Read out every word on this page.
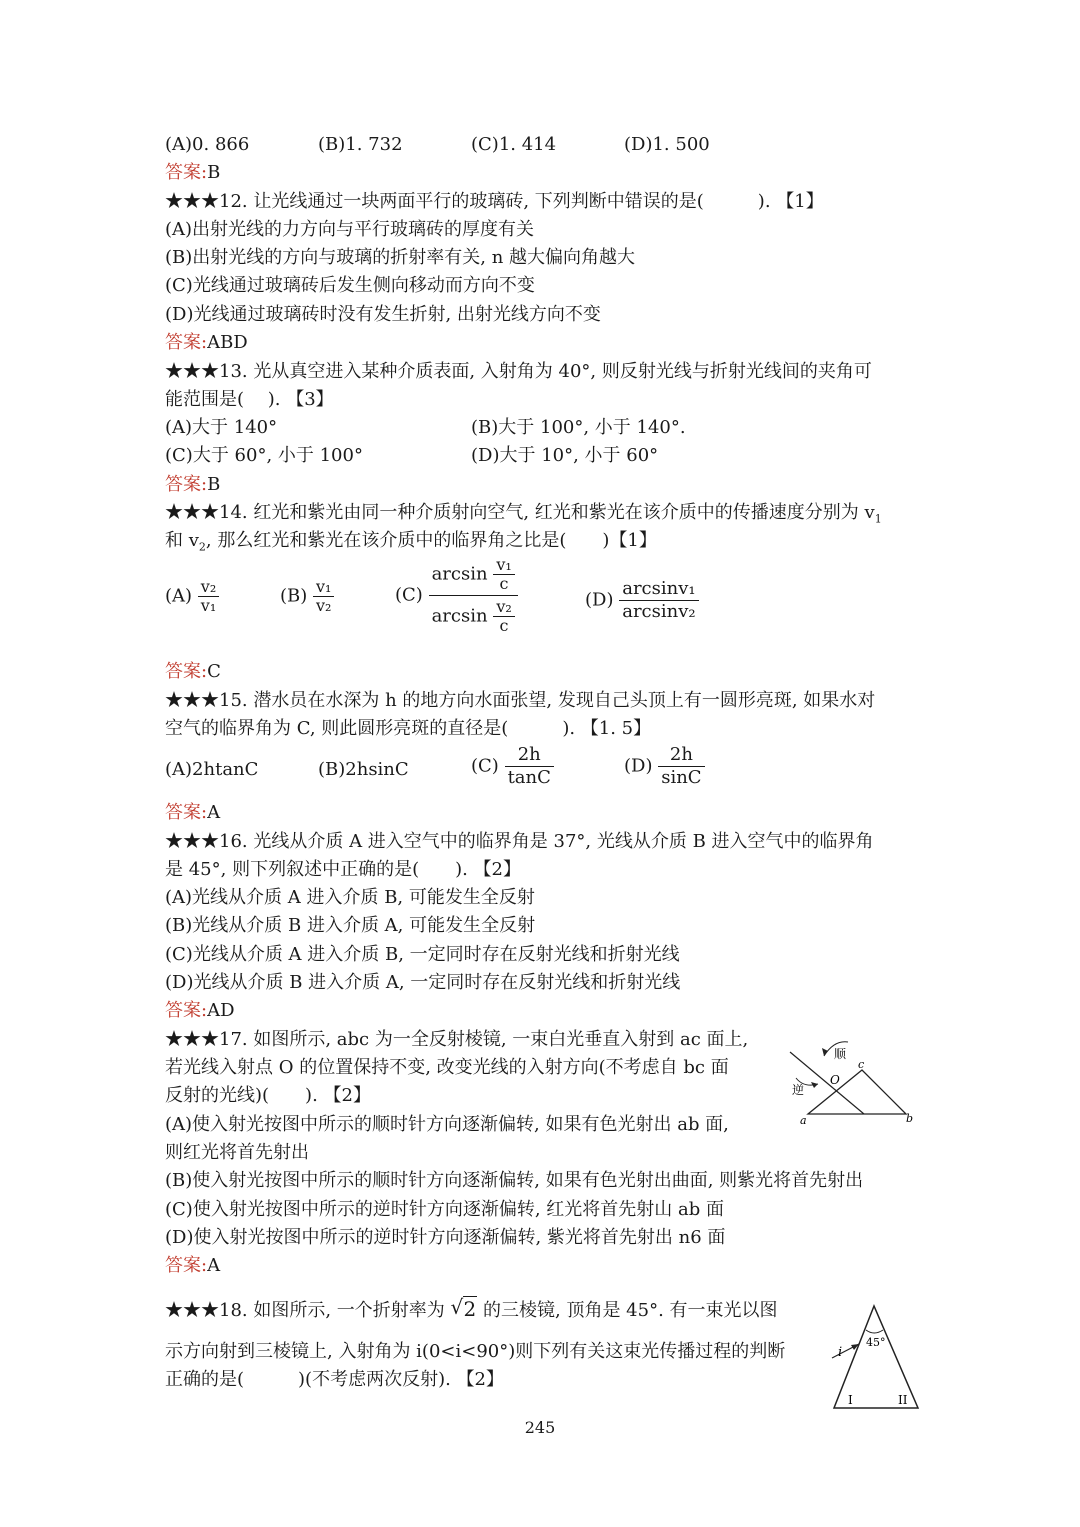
(A)0. 866	(B)1. 732	(C)1. 414	(D)1. 500
答案:B
★★★12. 让光线通过一块两面平行的玻璃砖, 下列判断中错误的是(　　　). 【1】
(A)出射光线的力方向与平行玻璃砖的厚度有关
(B)出射光线的方向与玻璃的折射率有关, n 越大偏向角越大
(C)光线通过玻璃砖后发生侧向移动而方向不变
(D)光线通过玻璃砖时没有发生折射, 出射光线方向不变
答案:ABD
★★★13. 光从真空进入某种介质表面, 入射角为 40°, 则反射光线与折射光线间的夹角可
能范围是(　 ). 【3】
(A)大于 140°	(B)大于 100°, 小于 140°.
(C)大于 60°, 小于 100°	(D)大于 10°, 小于 60°
答案:B
★★★14. 红光和紫光由同一种介质射向空气, 红光和紫光在该介质中的传播速度分别为 $v_1$
和 $v_2$, 那么红光和紫光在该介质中的临界角之比是(　　)【1】
$(A) \frac{\text{v₂}}{\text{v₁}}$	$(B) \frac{\text{v₁}}{\text{v₂}}$	$(C) \frac{\arcsin \frac{\text{v₁}}{c}}{\arcsin \frac{\text{v₂}}{c}}$	$(D) \frac{\text{arcsinv₁}}{\text{arcsinv₂}}$
答案:C
★★★15. 潜水员在水深为 h 的地方向水面张望, 发现自己头顶上有一圆形亮斑, 如果水对
空气的临界角为 C, 则此圆形亮斑的直径是(　　　). 【1. 5】
(A)2htanC	(B)2hsinC	$(C) \frac{2h}{\tan C}$	$(D) \frac{2h}{\sin C}$
答案:A
★★★16. 光线从介质 A 进入空气中的临界角是 37°, 光线从介质 B 进入空气中的临界角
是 45°, 则下列叙述中正确的是(　　). 【2】
(A)光线从介质 A 进入介质 B, 可能发生全反射
(B)光线从介质 B 进入介质 A, 可能发生全反射
(C)光线从介质 A 进入介质 B, 一定同时存在反射光线和折射光线
(D)光线从介质 B 进入介质 A, 一定同时存在反射光线和折射光线
答案:AD
★★★17. 如图所示, abc 为一全反射棱镜, 一束白光垂直入射到 ac 面上,
若光线入射点 O 的位置保持不变, 改变光线的入射方向(不考虑自 bc 面
反射的光线)(　　). 【2】
(A)使入射光按图中所示的顺时针方向逐渐偏转, 如果有色光射出 ab 面,
则红光将首先射出
(B)使入射光按图中所示的顺时针方向逐渐偏转, 如果有色光射出曲面, 则紫光将首先射出
(C)使入射光按图中所示的逆时针方向逐渐偏转, 红光将首先射山 ab 面
(D)使入射光按图中所示的逆时针方向逐渐偏转, 紫光将首先射出 n6 面
答案:A
顺
逆
O
a	b
c
★★★18. 如图所示, 一个折射率为 √ 2 的三棱镜, 顶角是 45°. 有一束光以图
示方向射到三棱镜上, 入射角为 i(0<i<90°)则下列有关这束光传播过程的判断
正确的是(　　　)(不考虑两次反射). 【2】
45°
i
I	II
245
